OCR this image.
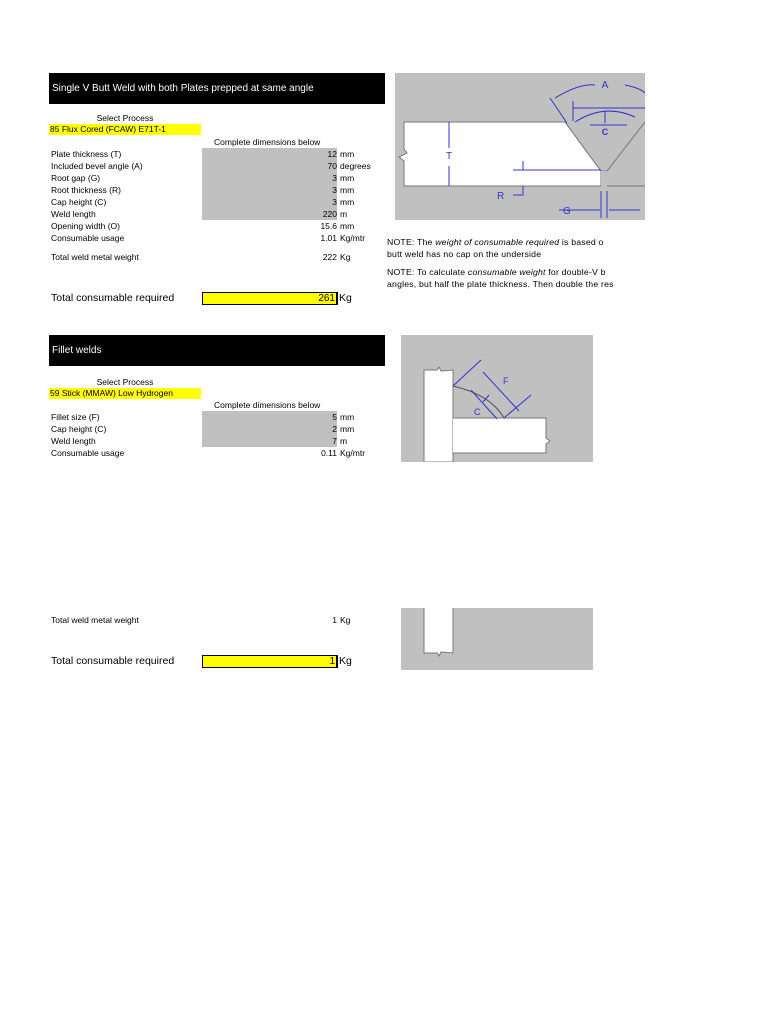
Single V Butt Weld with both Plates prepped at same angle
Select Process
85 Flux Cored (FCAW) E71T-1
Complete dimensions below
Plate thickness (T)	12 mm
Included bevel angle (A)	70 degrees
Root gap (G)	3 mm
Root thickness (R)	3 mm
Cap height (C)	3 mm
Weld length	220 m
Opening width (O)	15.6 mm
Consumable usage	1.01 Kg/mtr
Total weld metal weight	222 Kg
Total consumable required	261 Kg
A
C
T
R
G
NOTE: The weight of consumable required is based o
butt weld has no cap on the underside
NOTE: To calculate consumable weight for double-V b
angles, but half the plate thickness. Then double the res
Fillet welds
Select Process
59 Stick (MMAW) Low Hydrogen
Complete dimensions below
Fillet size (F)	5 mm
Cap height (C)	2 mm
Weld length	7 m
Consumable usage	0.11 Kg/mtr
Total weld metal weight	1 Kg
Total consumable required	1 Kg
F
C
